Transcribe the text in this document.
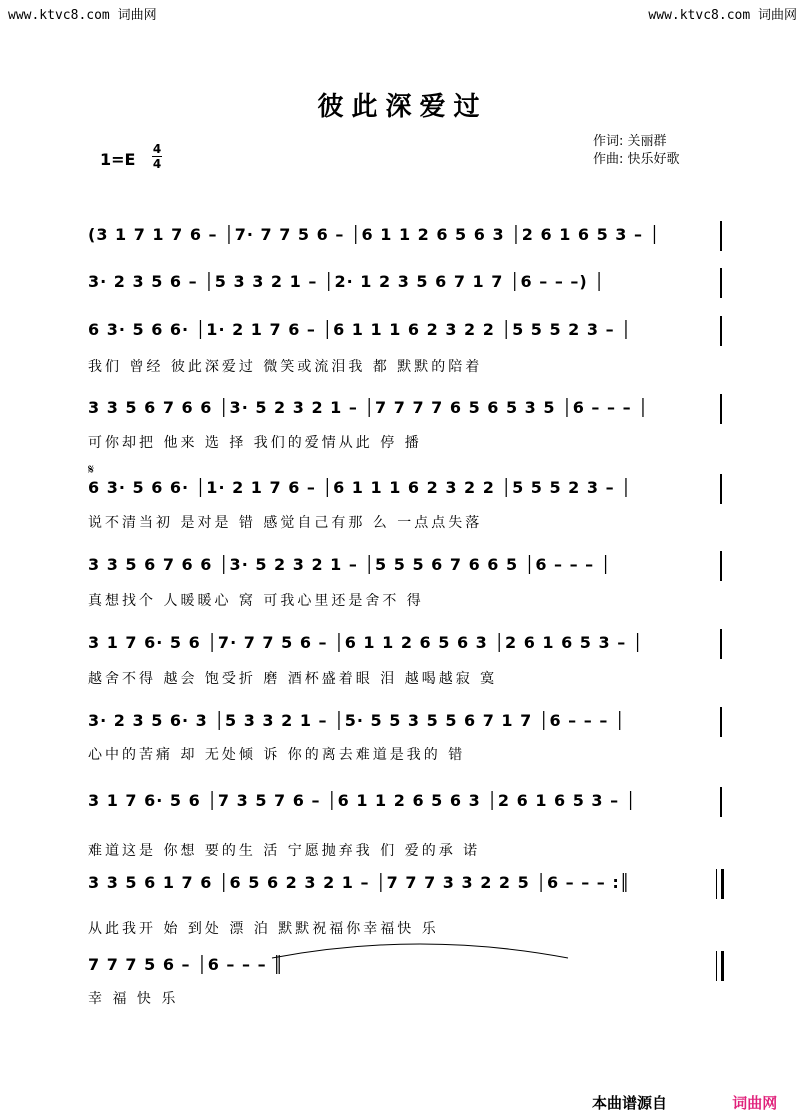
www.ktvc8.com 词曲网	www.ktvc8.com 词曲网
彼此深爱过
1=E
4
4
作词: 关丽群
作曲: 快乐好歌
𝄋
(3 1 7 1 7 6 – │7· 7 7 5 6 – │6 1 1 2 6 5 6 3 │2 6 1 6 5 3 – │
3· 2 3 5 6 – │5 3 3 2 1 – │2· 1 2 3 5 6 7 1 7 │6 – – –) │
6 3· 5 6 6· │1· 2 1 7 6 – │6 1 1 1 6 2 3 2 2 │5 5 5 2 3 – │
我们 曾经 彼此深爱过 微笑或流泪我 都 默默的陪着
3 3 5 6 7 6 6 │3· 5 2 3 2 1 – │7 7 7 7 6 5 6 5 3 5 │6 – – – │
可你却把 他来 选 择 我们的爱情从此 停 播
6 3· 5 6 6· │1· 2 1 7 6 – │6 1 1 1 6 2 3 2 2 │5 5 5 2 3 – │
说不清当初 是对是 错 感觉自己有那 么 一点点失落
3 3 5 6 7 6 6 │3· 5 2 3 2 1 – │5 5 5 6 7 6 6 5 │6 – – – │
真想找个 人暖暖心 窝 可我心里还是舍不 得
3 1 7 6· 5 6 │7· 7 7 5 6 – │6 1 1 2 6 5 6 3 │2 6 1 6 5 3 – │
越舍不得 越会 饱受折 磨 酒杯盛着眼 泪 越喝越寂 寞
3· 2 3 5 6· 3 │5 3 3 2 1 – │5· 5 5 3 5 5 6 7 1 7 │6 – – – │
心中的苦痛 却 无处倾 诉 你的离去难道是我的 错
3 1 7 6· 5 6 │7 3 5 7 6 – │6 1 1 2 6 5 6 3 │2 6 1 6 5 3 – │
难道这是 你想 要的生 活 宁愿抛弃我 们 爱的承 诺
3 3 5 6 1 7 6 │6 5 6 2 3 2 1 – │7 7 7 3 3 2 2 5 │6 – – – :║
从此我开 始 到处 漂 泊 默默祝福你幸福快 乐
7 7 7 5 6 – │6 – – – ║
幸 福 快 乐
本曲谱源自	词曲网
